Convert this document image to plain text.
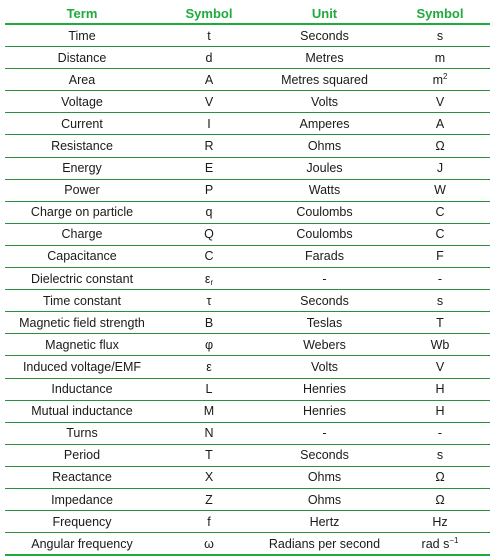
Term	Symbol	Unit	Symbol
Time	t	Seconds	s
Distance	d	Metres	m
Area	A	Metres squared	$m^2$
Voltage	V	Volts	V
Current	I	Amperes	A
Resistance	R	Ohms	Ω
Energy	E	Joules	J
Power	P	Watts	W
Charge on particle	q	Coulombs	C
Charge	Q	Coulombs	C
Capacitance	C	Farads	F
Dielectric constant	$\varepsilon_r$	-	-
Time constant	τ	Seconds	s
Magnetic field strength	B	Teslas	T
Magnetic flux	φ	Webers	Wb
Induced voltage/EMF	ε	Volts	V
Inductance	L	Henries	H
Mutual inductance	M	Henries	H
Turns	N	-	-
Period	T	Seconds	s
Reactance	X	Ohms	Ω
Impedance	Z	Ohms	Ω
Frequency	f	Hertz	Hz
Angular frequency	ω	Radians per second	rad $s^{-1}$
